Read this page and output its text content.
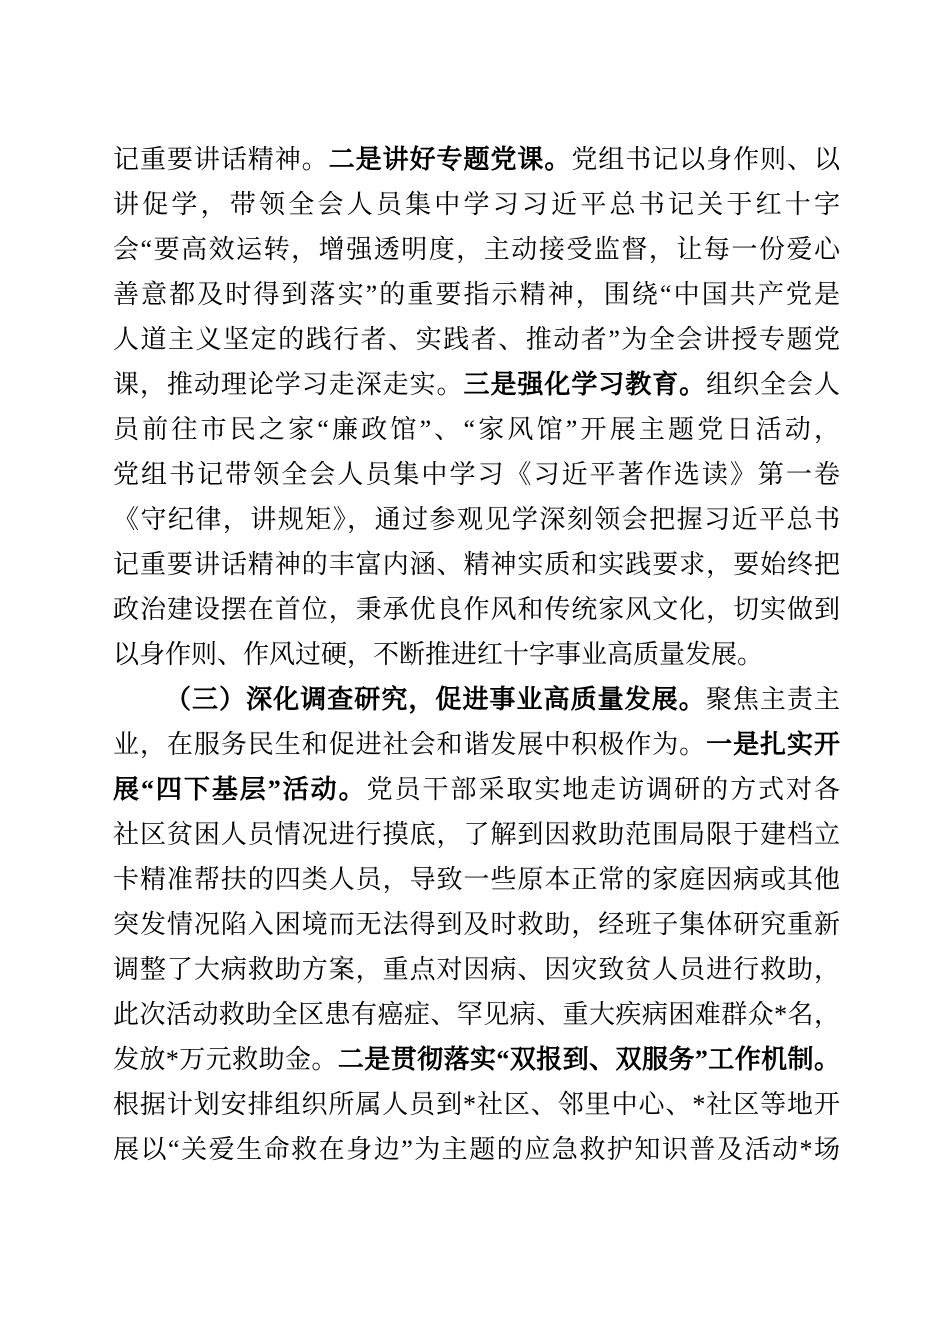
记重要讲话精神。二是讲好专题党课。党组书记以身作则、以
讲促学，带领全会人员集中学习习近平总书记关于红十字
会“要高效运转，增强透明度，主动接受监督，让每一份爱心
善意都及时得到落实”的重要指示精神，围绕“中国共产党是
人道主义坚定的践行者、实践者、推动者”为全会讲授专题党
课，推动理论学习走深走实。三是强化学习教育。组织全会人
员前往市民之家“廉政馆”、“家风馆”开展主题党日活动，
党组书记带领全会人员集中学习《习近平著作选读》第一卷
《守纪律，讲规矩》，通过参观见学深刻领会把握习近平总书
记重要讲话精神的丰富内涵、精神实质和实践要求，要始终把
政治建设摆在首位，秉承优良作风和传统家风文化，切实做到
以身作则、作风过硬，不断推进红十字事业高质量发展。
（三）深化调查研究，促进事业高质量发展。聚焦主责主
业，在服务民生和促进社会和谐发展中积极作为。一是扎实开
展“四下基层”活动。党员干部采取实地走访调研的方式对各
社区贫困人员情况进行摸底，了解到因救助范围局限于建档立
卡精准帮扶的四类人员，导致一些原本正常的家庭因病或其他
突发情况陷入困境而无法得到及时救助，经班子集体研究重新
调整了大病救助方案，重点对因病、因灾致贫人员进行救助，
此次活动救助全区患有癌症、罕见病、重大疾病困难群众*名，
发放*万元救助金。二是贯彻落实“双报到、双服务”工作机制。
根据计划安排组织所属人员到*社区、邻里中心、*社区等地开
展以“关爱生命救在身边”为主题的应急救护知识普及活动*场
